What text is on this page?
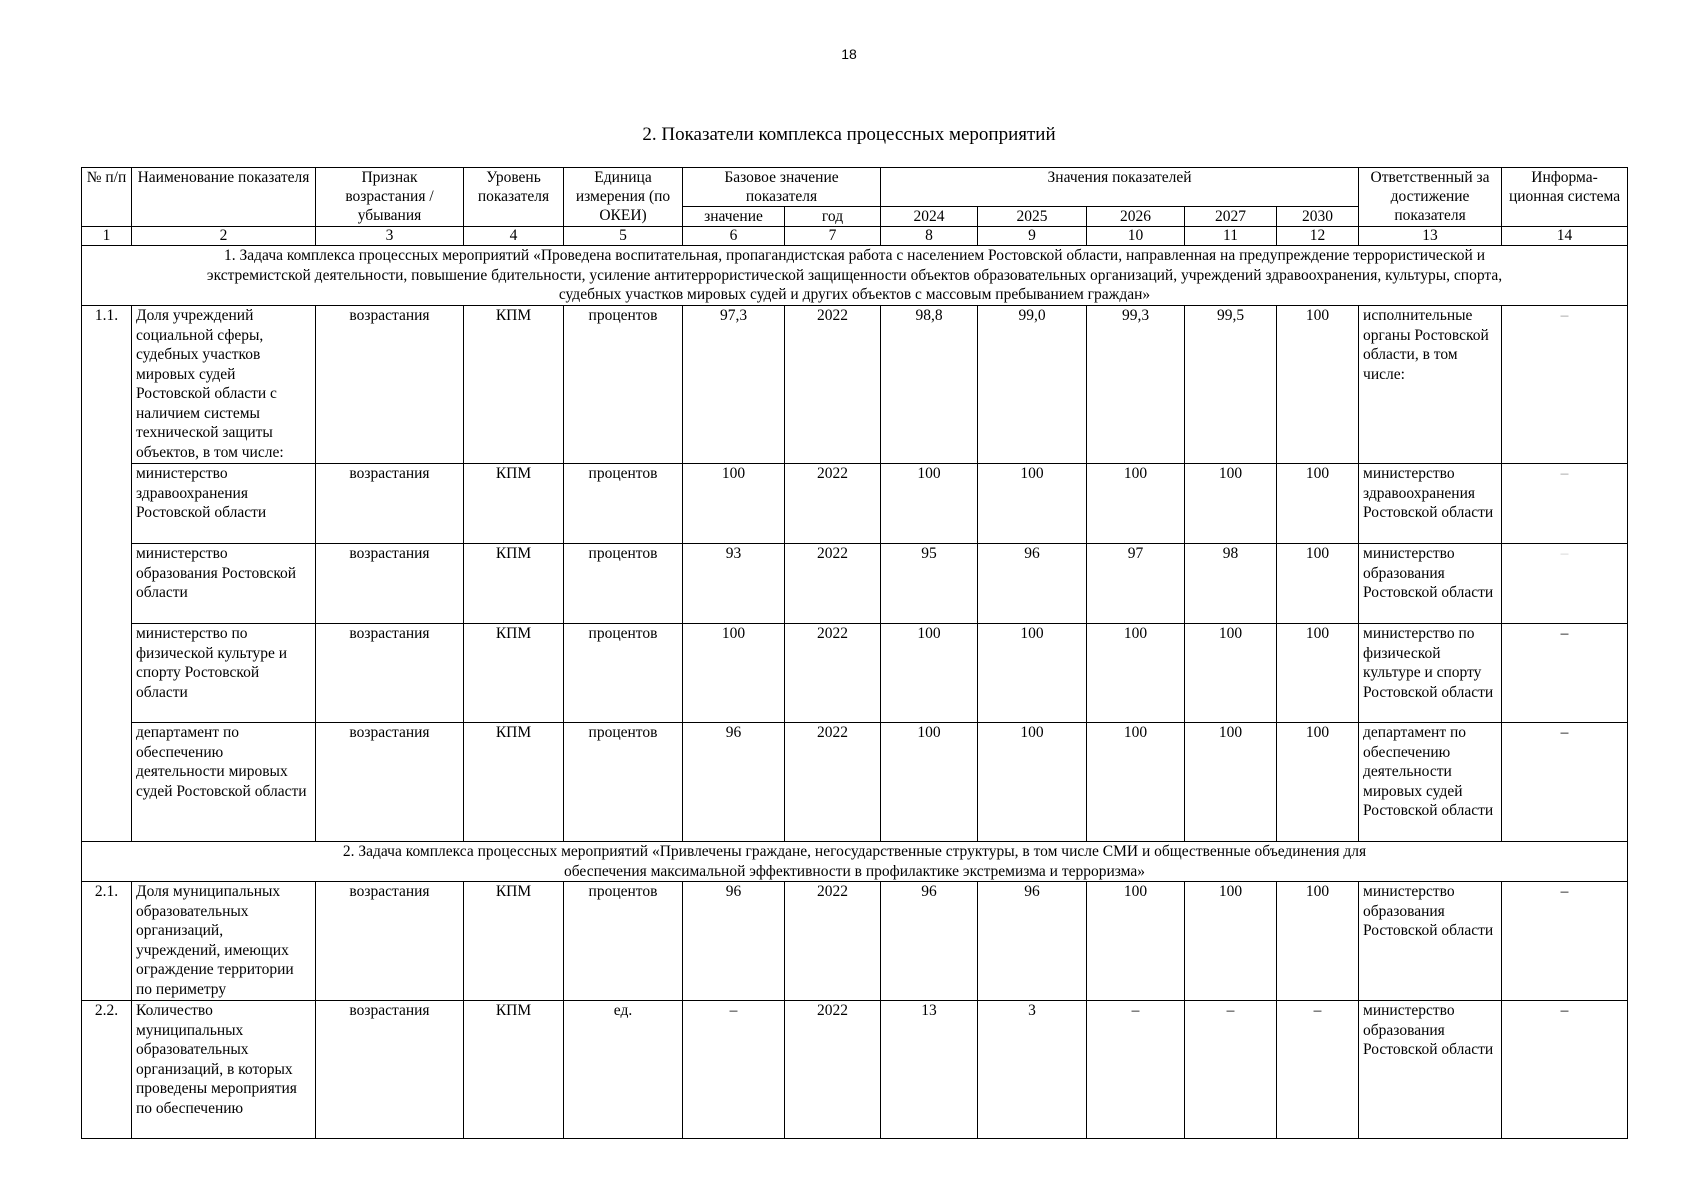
18
2. Показатели комплекса процессных мероприятий
№ п/п	Наименование показателя	Признак возрастания / убывания	Уровень показателя	Единица измерения (по ОКЕИ)	Базовое значение показателя		Значения показателей					Ответственный за достижение показателя	Информа-ционная система
					значение	год	2024	2025	2026	2027	2030		
1	2	3	4	5	6	7	8	9	10	11	12	13	14
1. Задача комплекса процессных мероприятий «Проведена воспитательная, пропагандистская работа с населением Ростовской области, направленная на предупреждение террористической и экстремистской деятельности, повышение бдительности, усиление антитеррористической защищенности объектов образовательных организаций, учреждений здравоохранения, культуры, спорта, судебных участков мировых судей и других объектов с массовым пребыванием граждан»													
1.1.	Доля учреждений социальной сферы, судебных участков мировых судей Ростовской области с наличием системы технической защиты объектов, в том числе:	возрастания	КПМ	процентов	97,3	2022	98,8	99,0	99,3	99,5	100	исполнительные органы Ростовской области, в том числе:	–
	министерство здравоохранения Ростовской области	возрастания	КПМ	процентов	100	2022	100	100	100	100	100	министерство здравоохранения Ростовской области	–
	министерство образования Ростовской области	возрастания	КПМ	процентов	93	2022	95	96	97	98	100	министерство образования Ростовской области	–
	министерство по физической культуре и спорту Ростовской области	возрастания	КПМ	процентов	100	2022	100	100	100	100	100	министерство по физической культуре и спорту Ростовской области	–
	департамент по обеспечению деятельности мировых судей Ростовской области	возрастания	КПМ	процентов	96	2022	100	100	100	100	100	департамент по обеспечению деятельности мировых судей Ростовской области	–
2. Задача комплекса процессных мероприятий «Привлечены граждане, негосударственные структуры, в том числе СМИ и общественные объединения для обеспечения максимальной эффективности в профилактике экстремизма и терроризма»													
2.1.	Доля муниципальных образовательных организаций, учреждений, имеющих ограждение территории по периметру	возрастания	КПМ	процентов	96	2022	96	96	100	100	100	министерство образования Ростовской области	–
2.2.	Количество муниципальных образовательных организаций, в которых проведены мероприятия по обеспечению	возрастания	КПМ	ед.	–	2022	13	3	–	–	–	министерство образования Ростовской области	–
